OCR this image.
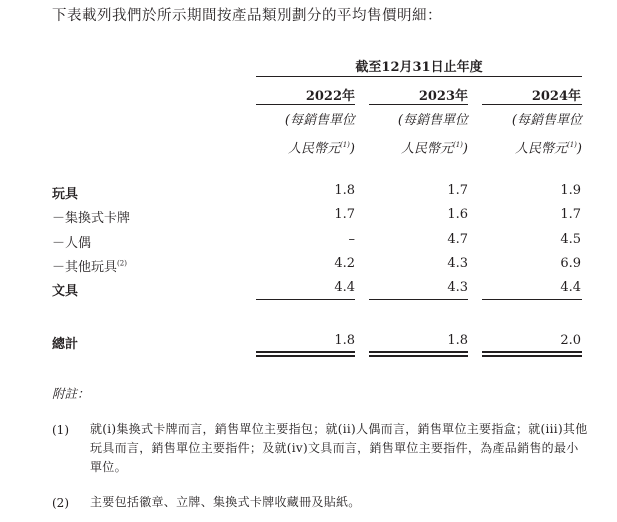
下表載列我們於所示期間按產品類別劃分的平均售價明細：
截至12月31日止年度
2022年	2023年	2024年
(每銷售單位
人民幣元$^{(1)}$)
(每銷售單位
人民幣元$^{(1)}$)
(每銷售單位
人民幣元$^{(1)}$)
玩具	1.8	1.7	1.9
－集換式卡牌	1.7	1.6	1.7
－人偶	–	4.7	4.5
－其他玩具$^{(2)}$	4.2	4.3	6.9
文具	4.4	4.3	4.4
總計	1.8	1.8	2.0
附註：
(1) 就(i)集換式卡牌而言，銷售單位主要指包；就(ii)人偶而言，銷售單位主要指盒；就(iii)其他玩具而言，銷售單位主要指件；及就(iv)文具而言，銷售單位主要指件，為產品銷售的最小單位。
(2) 主要包括徽章、立牌、集換式卡牌收藏冊及貼紙。
